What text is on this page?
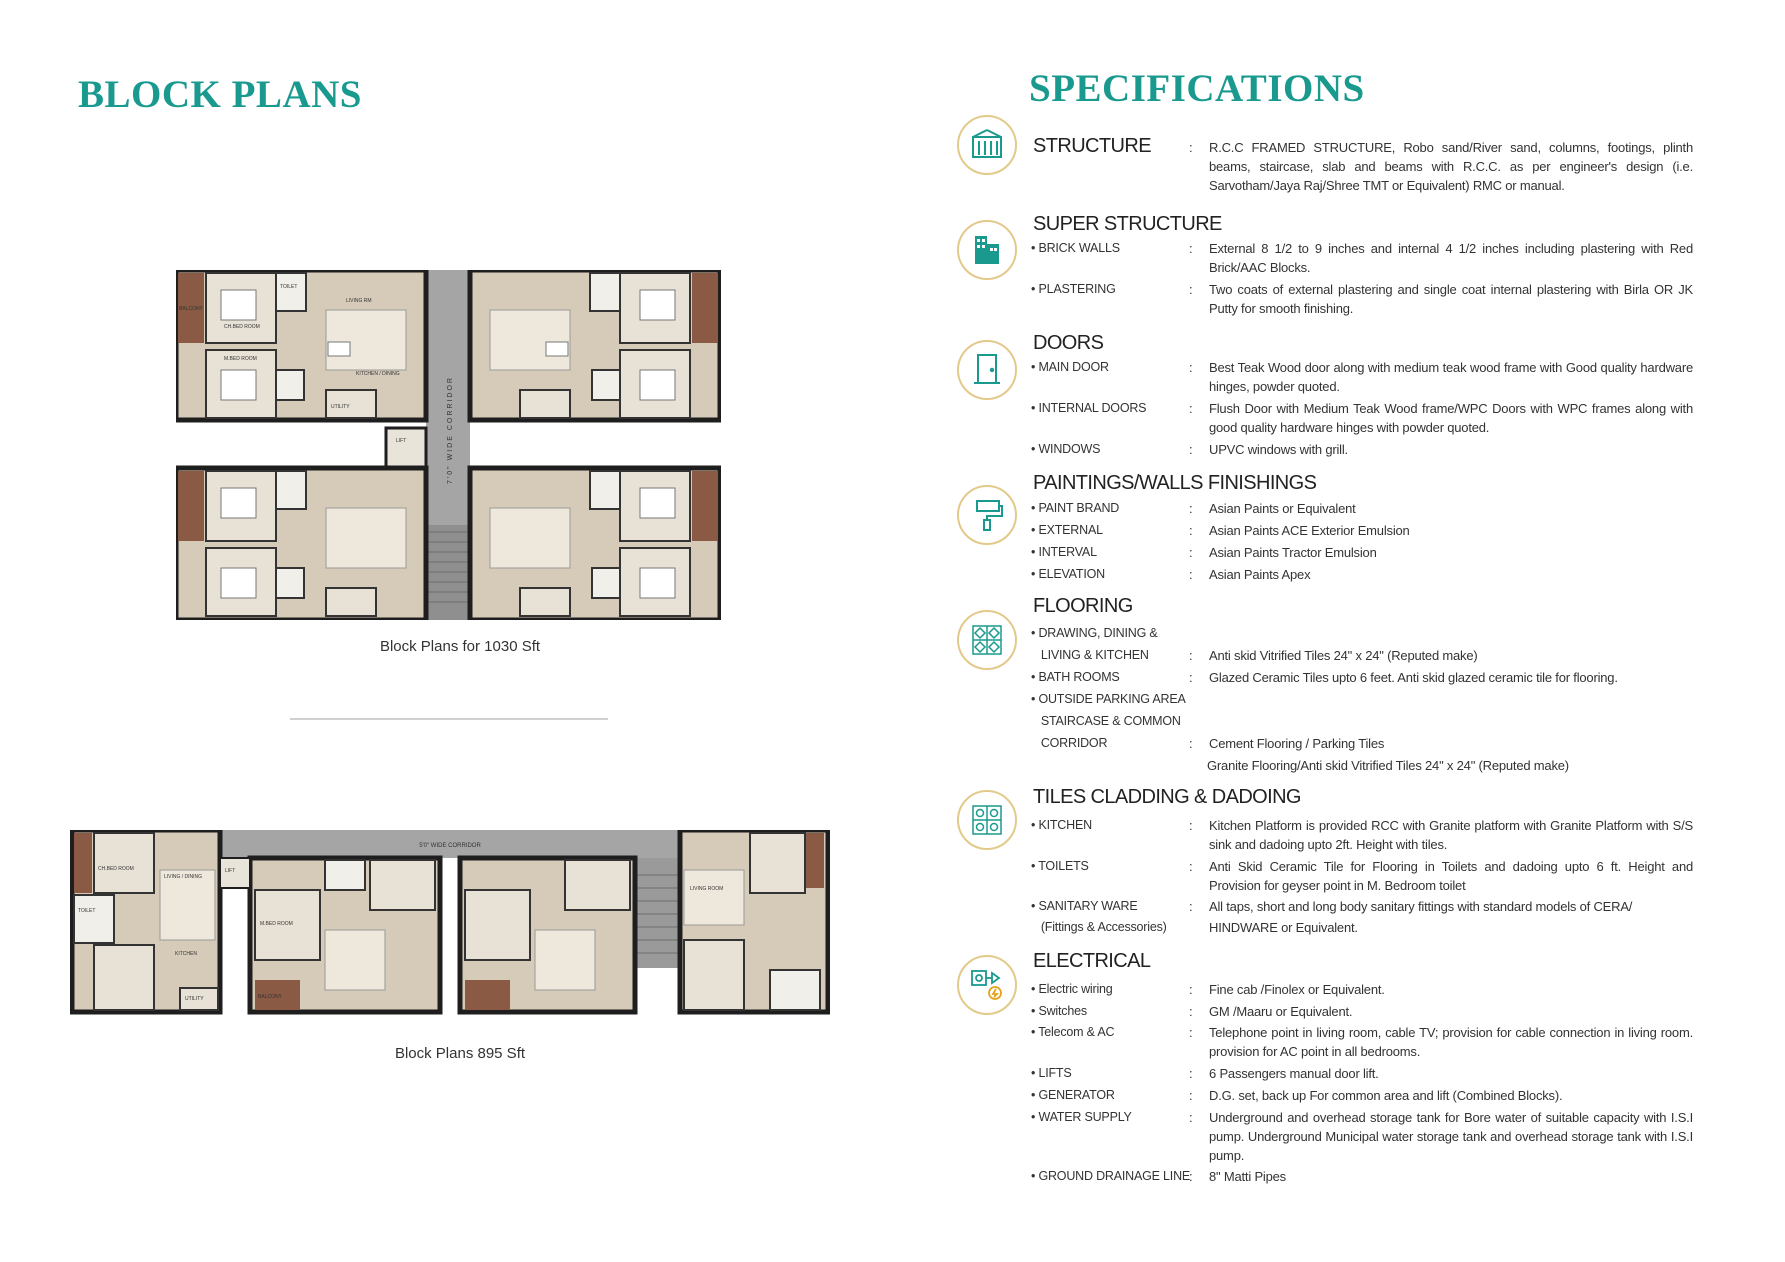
BLOCK PLANS
LIVING RM
CH.BED ROOM
M.BED ROOM
KITCHEN / DINING
TOILET
UTILITY
LIFT
BALCONY
7'0" WIDE CORRIDOR
Block Plans for 1030 Sft
LIVING / DINING
CH.BED ROOM
M.BED ROOM
KITCHEN
TOILET
UTILITY
LIFT
BALCONY
LIVING ROOM
5'0" WIDE CORRIDOR
Block Plans 895 Sft
SPECIFICATIONS
STRUCTURE	: R.C.C FRAMED STRUCTURE, Robo sand/River sand, columns, footings, plinth beams, staircase, slab and beams with R.C.C. as per engineer's design (i.e. Sarvotham/Jaya Raj/Shree TMT or Equivalent) RMC or manual.
SUPER STRUCTURE
• BRICK WALLS	: External 8 1/2 to 9 inches and internal 4 1/2 inches including plastering with Red Brick/AAC Blocks.
• PLASTERING	: Two coats of external plastering and single coat internal plastering with Birla OR JK Putty for smooth finishing.
DOORS
• MAIN DOOR	: Best Teak Wood door along with medium teak wood frame with Good quality hardware hinges, powder quoted.
• INTERNAL DOORS	: Flush Door with Medium Teak Wood frame/WPC Doors with WPC frames along with good quality hardware hinges with powder quoted.
• WINDOWS	: UPVC windows with grill.
PAINTINGS/WALLS FINISHINGS
• PAINT BRAND	: Asian Paints or Equivalent
• EXTERNAL	: Asian Paints ACE Exterior Emulsion
• INTERVAL	: Asian Paints Tractor Emulsion
• ELEVATION	: Asian Paints Apex
FLOORING
• DRAWING, DINING &
LIVING & KITCHEN	: Anti skid Vitrified Tiles 24" x 24" (Reputed make)
• BATH ROOMS	: Glazed Ceramic Tiles upto 6 feet. Anti skid glazed ceramic tile for flooring.
• OUTSIDE PARKING AREA
STAIRCASE & COMMON
CORRIDOR	: Cement Flooring / Parking Tiles
Granite Flooring/Anti skid Vitrified Tiles 24" x 24" (Reputed make)
TILES CLADDING & DADOING
• KITCHEN	: Kitchen Platform is provided RCC with Granite platform with Granite Platform with S/S sink and dadoing upto 2ft. Height with tiles.
• TOILETS	: Anti Skid Ceramic Tile for Flooring in Toilets and dadoing upto 6 ft. Height and Provision for geyser point in M. Bedroom toilet
• SANITARY WARE	: All taps, short and long body sanitary fittings with standard models of CERA/
(Fittings & Accessories)	HINDWARE or Equivalent.
ELECTRICAL
• Electric wiring	: Fine cab /Finolex or Equivalent.
• Switches	: GM /Maaru or Equivalent.
• Telecom & AC	: Telephone point in living room, cable TV; provision for cable connection in living room. provision for AC point in all bedrooms.
• LIFTS	: 6 Passengers manual door lift.
• GENERATOR	: D.G. set, back up For common area and lift (Combined Blocks).
• WATER SUPPLY	: Underground and overhead storage tank for Bore water of suitable capacity with I.S.I pump. Underground Municipal water storage tank and overhead storage tank with I.S.I pump.
• GROUND DRAINAGE LINE
: 8" Matti Pipes
